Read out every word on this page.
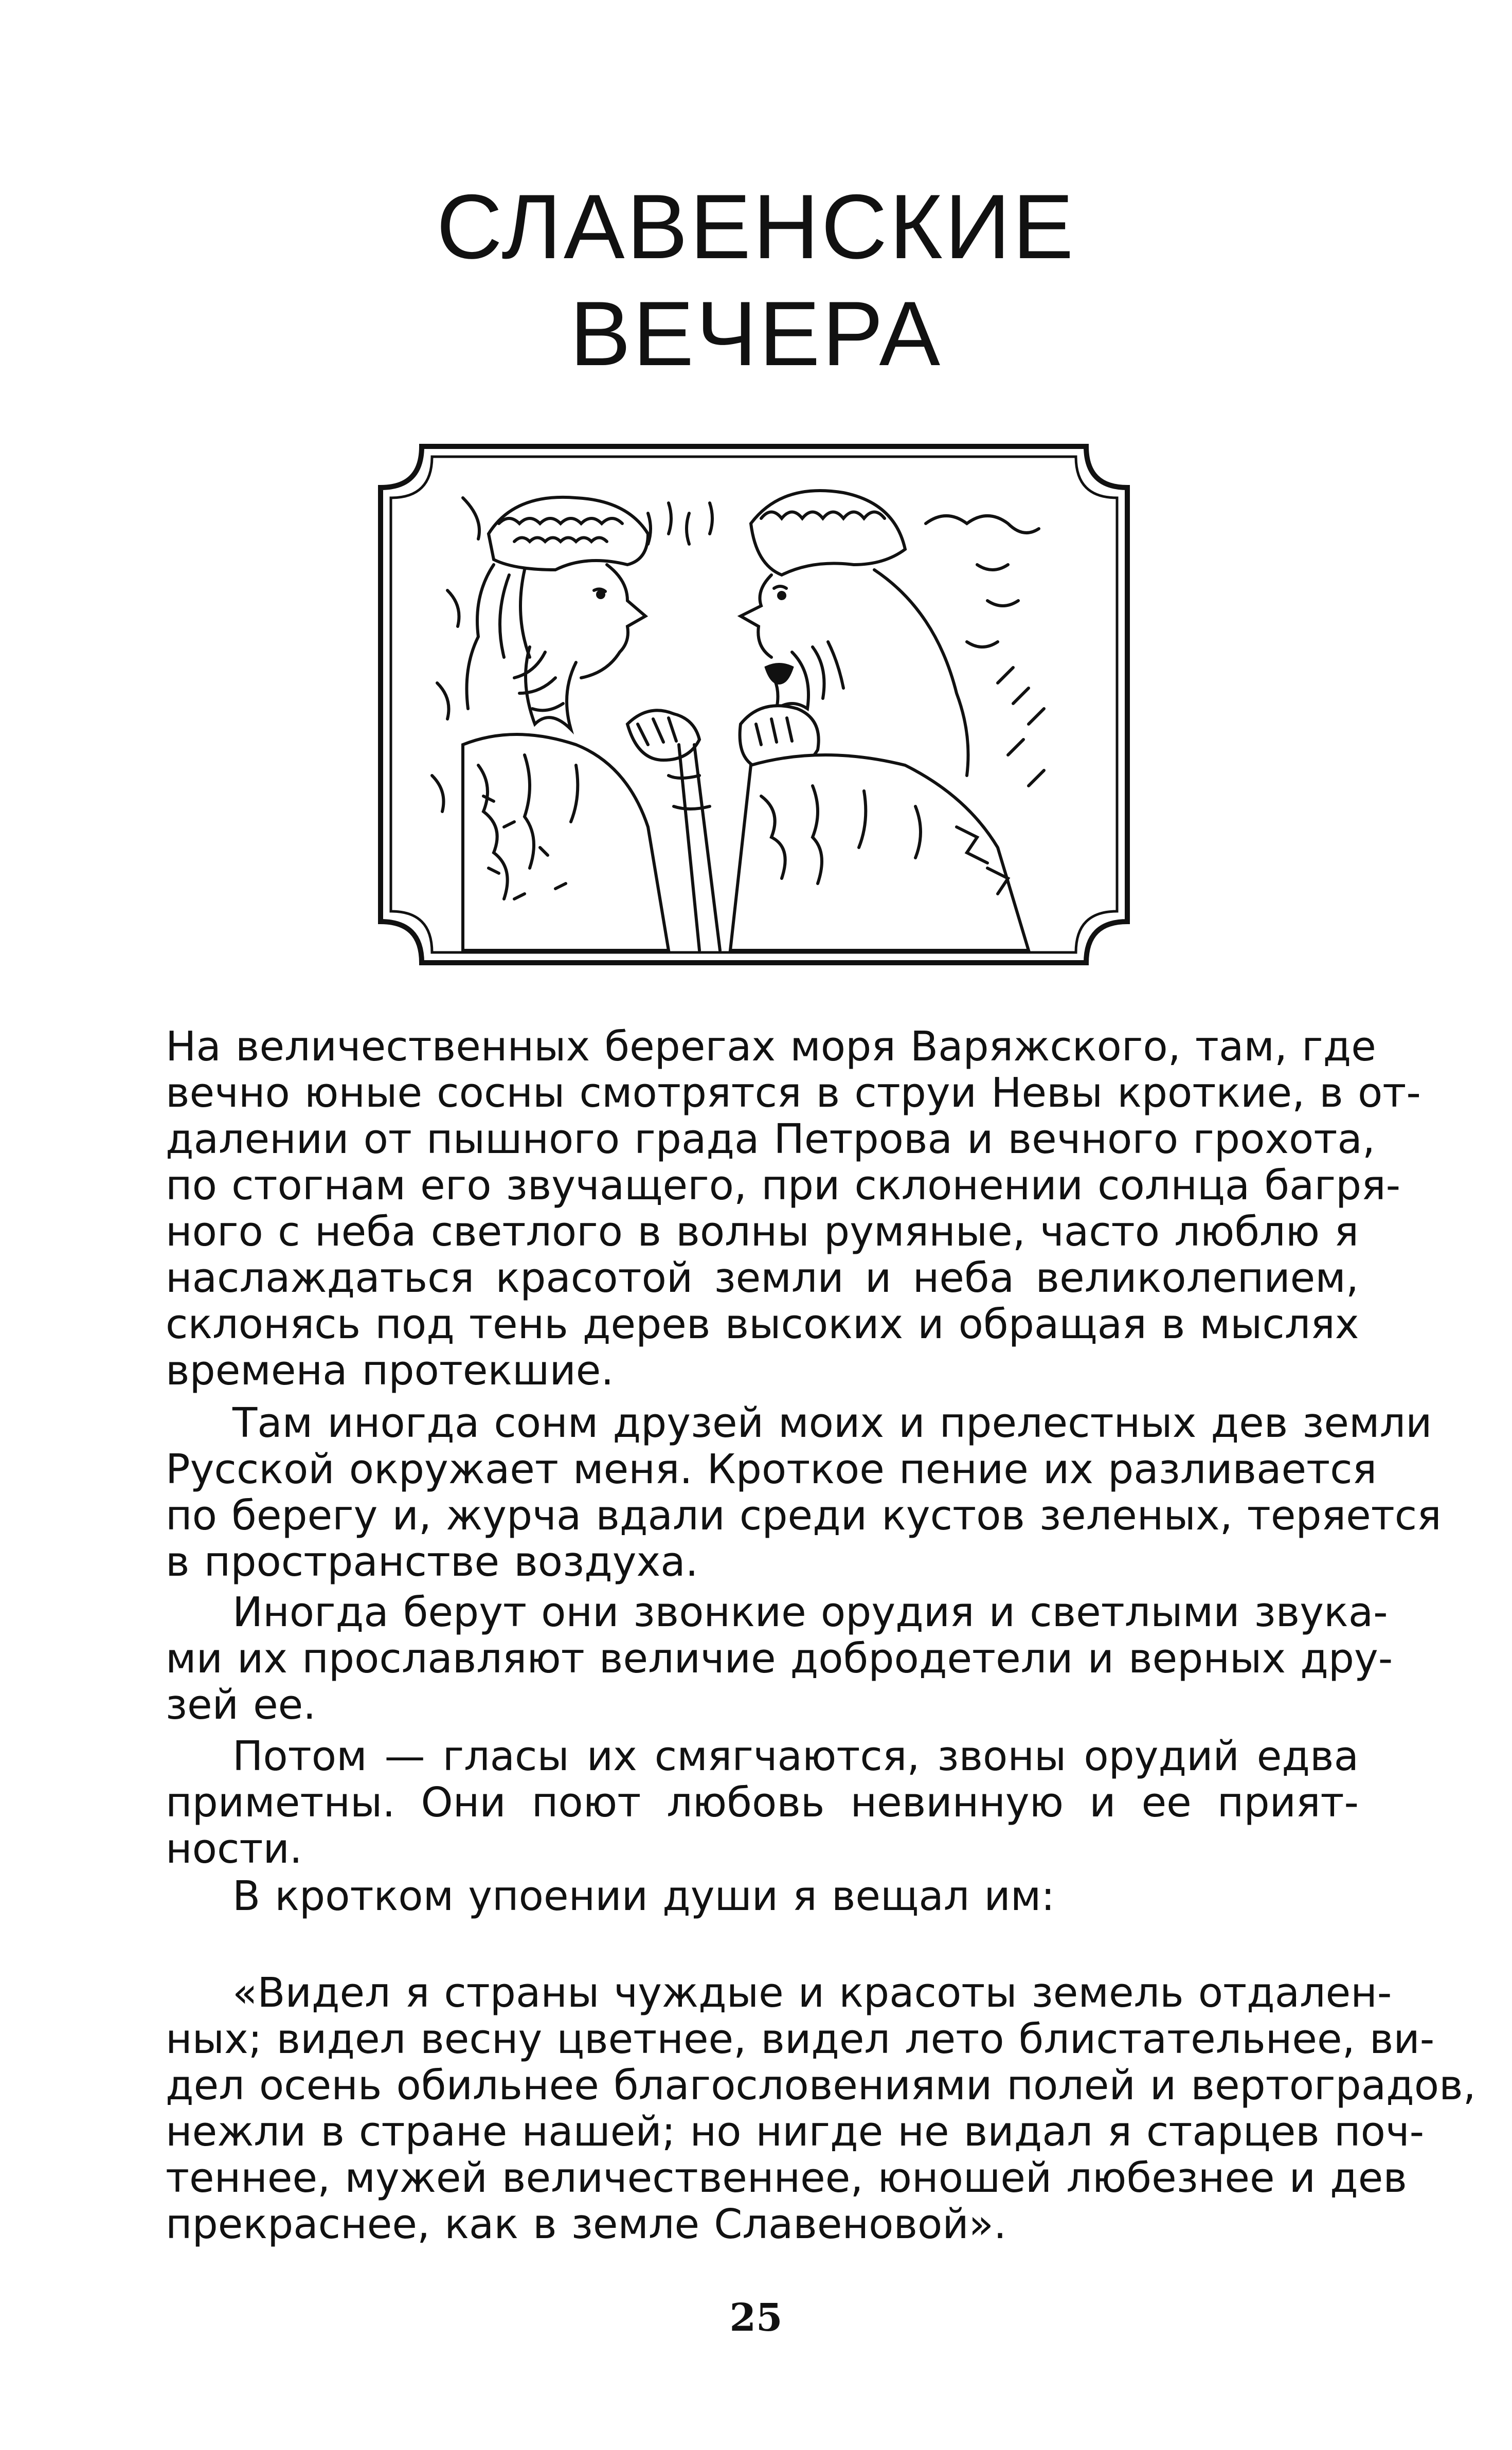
СЛАВЕНСКИЕ
ВЕЧЕРА

На величественных берегах моря Варяжского, там, где
вечно юные сосны смотрятся в струи Невы кроткие, в от-
далении от пышного града Петрова и вечного грохота,
по стогнам его звучащего, при склонении солнца багря-
ного с неба светлого в волны румяные, часто люблю я
наслаждаться красотой земли и неба великолепием,
склонясь под тень дерев высоких и обращая в мыслях
времена протекшие.

Там иногда сонм друзей моих и прелестных дев земли
Русской окружает меня. Кроткое пение их разливается
по берегу и, журча вдали среди кустов зеленых, теряется
в пространстве воздуха.

Иногда берут они звонкие орудия и светлыми звука-
ми их прославляют величие добродетели и верных дру-
зей ее.

Потом — гласы их смягчаются, звоны орудий едва
приметны. Они поют любовь невинную и ее прият-
ности.

В кротком упоении души я вещал им:

«Видел я страны чуждые и красоты земель отдален-
ных; видел весну цветнее, видел лето блистательнее, ви-
дел осень обильнее благословениями полей и вертоградов,
нежли в стране нашей; но нигде не видал я старцев поч-
теннее, мужей величественнее, юношей любезнее и дев
прекраснее, как в земле Славеновой».

25
